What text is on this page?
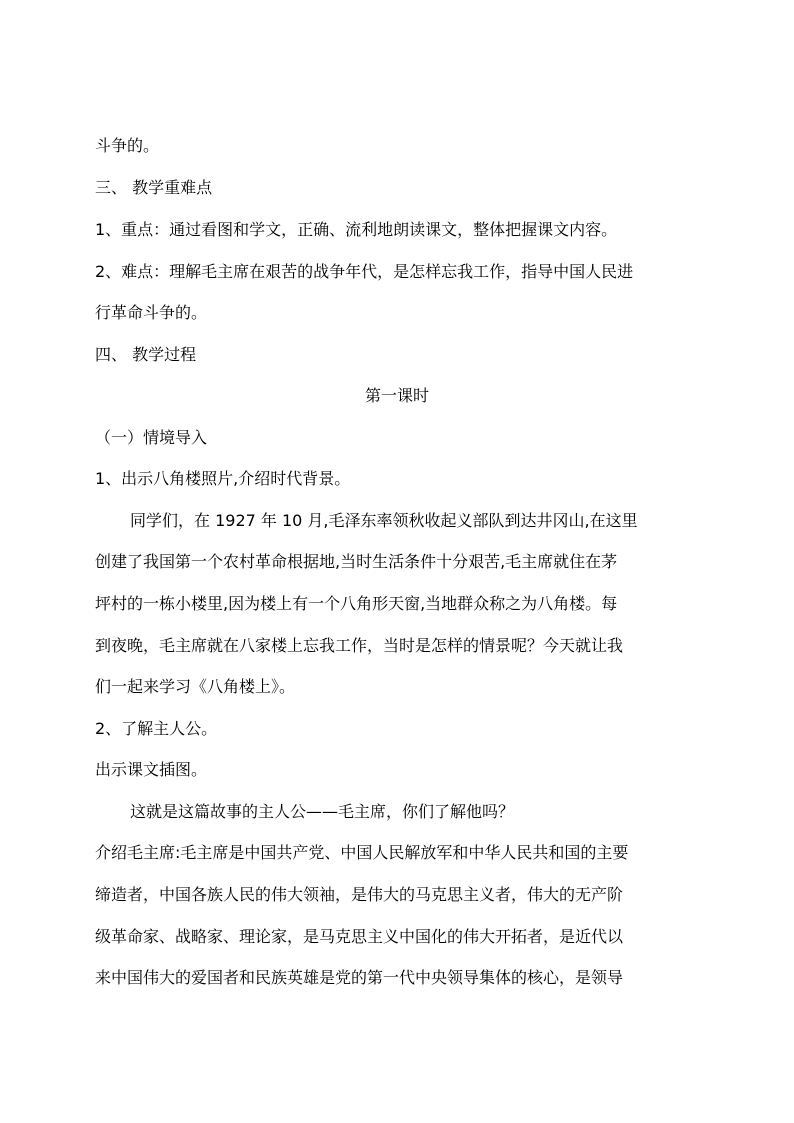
斗争的。
三、 教学重难点
1、重点：通过看图和学文，正确、流利地朗读课文，整体把握课文内容。
2、难点：理解毛主席在艰苦的战争年代，是怎样忘我工作，指导中国人民进
行革命斗争的。
四、 教学过程
第一课时
（一）情境导入
1、出示八角楼照片,介绍时代背景。
同学们，在 1927 年 10 月,毛泽东率领秋收起义部队到达井冈山,在这里
创建了我国第一个农村革命根据地,当时生活条件十分艰苦,毛主席就住在茅
坪村的一栋小楼里,因为楼上有一个八角形天窗,当地群众称之为八角楼。每
到夜晚，毛主席就在八家楼上忘我工作，当时是怎样的情景呢？今天就让我
们一起来学习《八角楼上》。
2、了解主人公。
出示课文插图。
这就是这篇故事的主人公——毛主席，你们了解他吗？
介绍毛主席:毛主席是中国共产党、中国人民解放军和中华人民共和国的主要
缔造者，中国各族人民的伟大领袖，是伟大的马克思主义者，伟大的无产阶
级革命家、战略家、理论家，是马克思主义中国化的伟大开拓者，是近代以
来中国伟大的爱国者和民族英雄是党的第一代中央领导集体的核心，是领导
